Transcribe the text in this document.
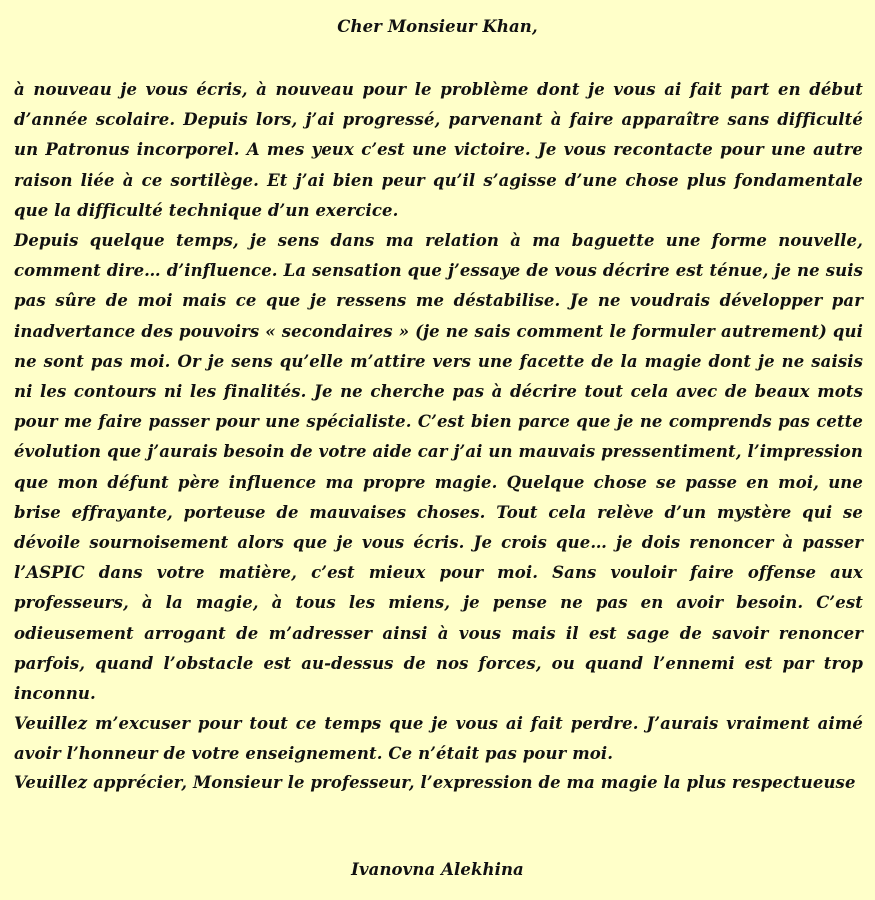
Cher Monsieur Khan,

à nouveau je vous écris, à nouveau pour le problème dont je vous ai fait part en début d’année scolaire. Depuis lors, j’ai progressé, parvenant à faire apparaître sans difficulté un Patronus incorporel. A mes yeux c’est une victoire. Je vous recontacte pour une autre raison liée à ce sortilège. Et j’ai bien peur qu’il s’agisse d’une chose plus fondamentale que la difficulté technique d’un exercice.

Depuis quelque temps, je sens dans ma relation à ma baguette une forme nouvelle, comment dire… d’influence. La sensation que j’essaye de vous décrire est ténue, je ne suis pas sûre de moi mais ce que je ressens me déstabilise. Je ne voudrais développer par inadvertance des pouvoirs « secondaires » (je ne sais comment le formuler autrement) qui ne sont pas moi. Or je sens qu’elle m’attire vers une facette de la magie dont je ne saisis ni les contours ni les finalités. Je ne cherche pas à décrire tout cela avec de beaux mots pour me faire passer pour une spécialiste. C’est bien parce que je ne comprends pas cette évolution que j’aurais besoin de votre aide car j’ai un mauvais pressentiment, l’impression que mon défunt père influence ma propre magie. Quelque chose se passe en moi, une brise effrayante, porteuse de mauvaises choses. Tout cela relève d’un mystère qui se dévoile sournoisement alors que je vous écris. Je crois que… je dois renoncer à passer l’ASPIC dans votre matière, c’est mieux pour moi. Sans vouloir faire offense aux professeurs, à la magie, à tous les miens, je pense ne pas en avoir besoin. C’est odieusement arrogant de m’adresser ainsi à vous mais il est sage de savoir renoncer parfois, quand l’obstacle est au-dessus de nos forces, ou quand l’ennemi est par trop inconnu.

Veuillez m’excuser pour tout ce temps que je vous ai fait perdre. J’aurais vraiment aimé avoir l’honneur de votre enseignement. Ce n’était pas pour moi.

Veuillez apprécier, Monsieur le professeur, l’expression de ma magie la plus respectueuse
Ivanovna Alekhina
